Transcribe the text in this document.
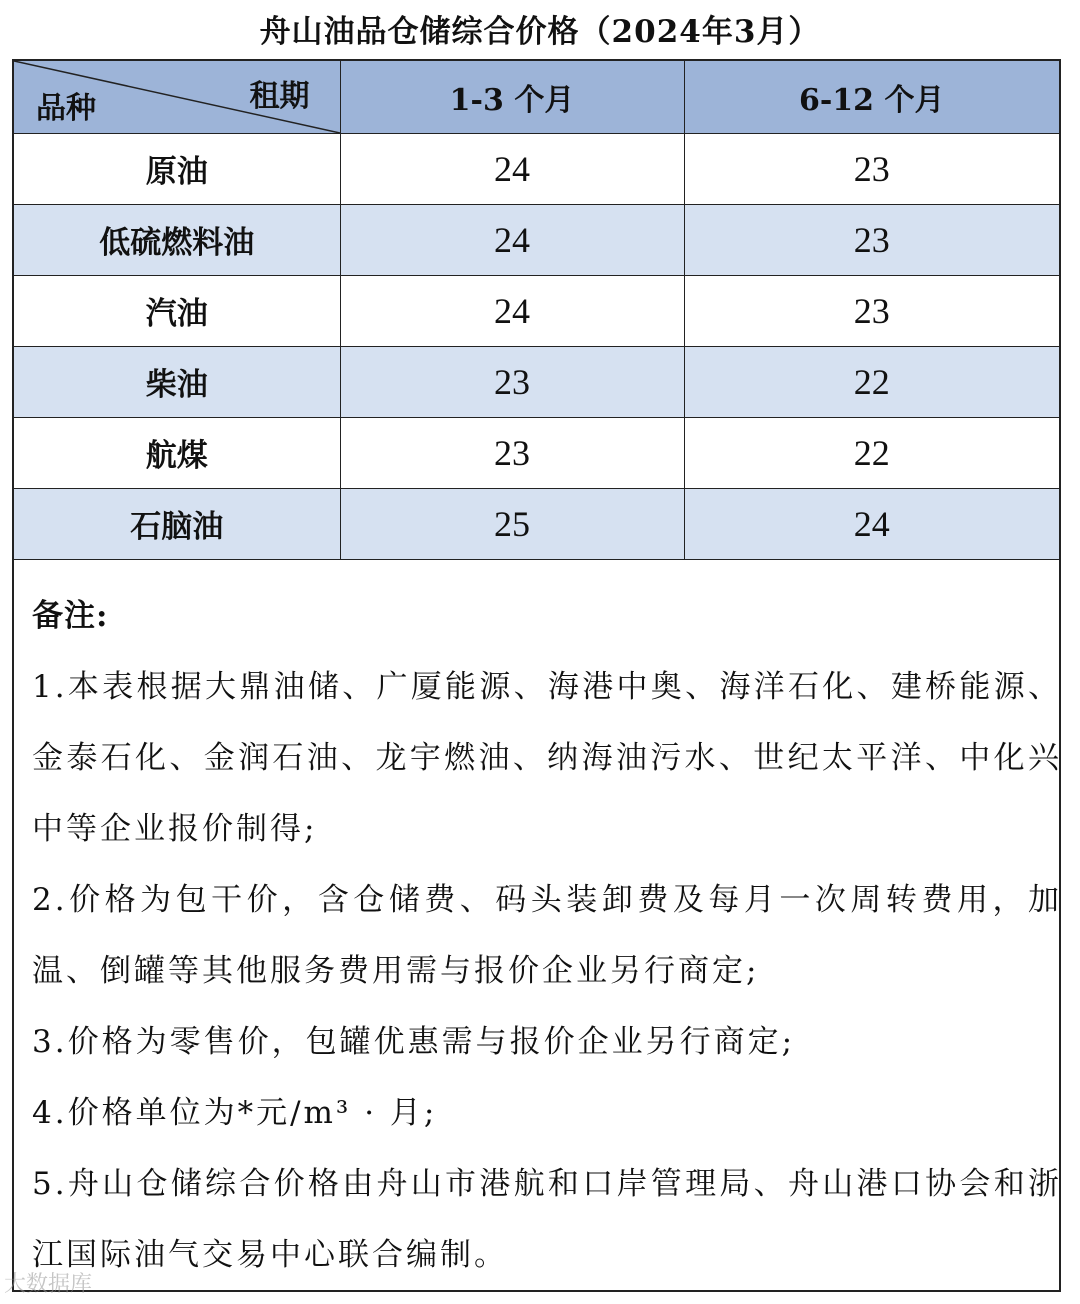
舟山油品仓储综合价格（2024年3月）
租期
品种	1-3 个月	6-12 个月
原油	24	23
低硫燃料油	24	23
汽油	24	23
柴油	23	22
航煤	23	22
石脑油	25	24
备注:
1.本表根据大鼎油储、广厦能源、海港中奥、海洋石化、建桥能源、金泰石化、金润石油、龙宇燃油、纳海油污水、世纪太平洋、中化兴中等企业报价制得;
2.价格为包干价，含仓储费、码头装卸费及每月一次周转费用，加温、倒罐等其他服务费用需与报价企业另行商定;
3.价格为零售价，包罐优惠需与报价企业另行商定;
4.价格单位为*元/m³ · 月;
5.舟山仓储综合价格由舟山市港航和口岸管理局、舟山港口协会和浙江国际油气交易中心联合编制。
大数据库
